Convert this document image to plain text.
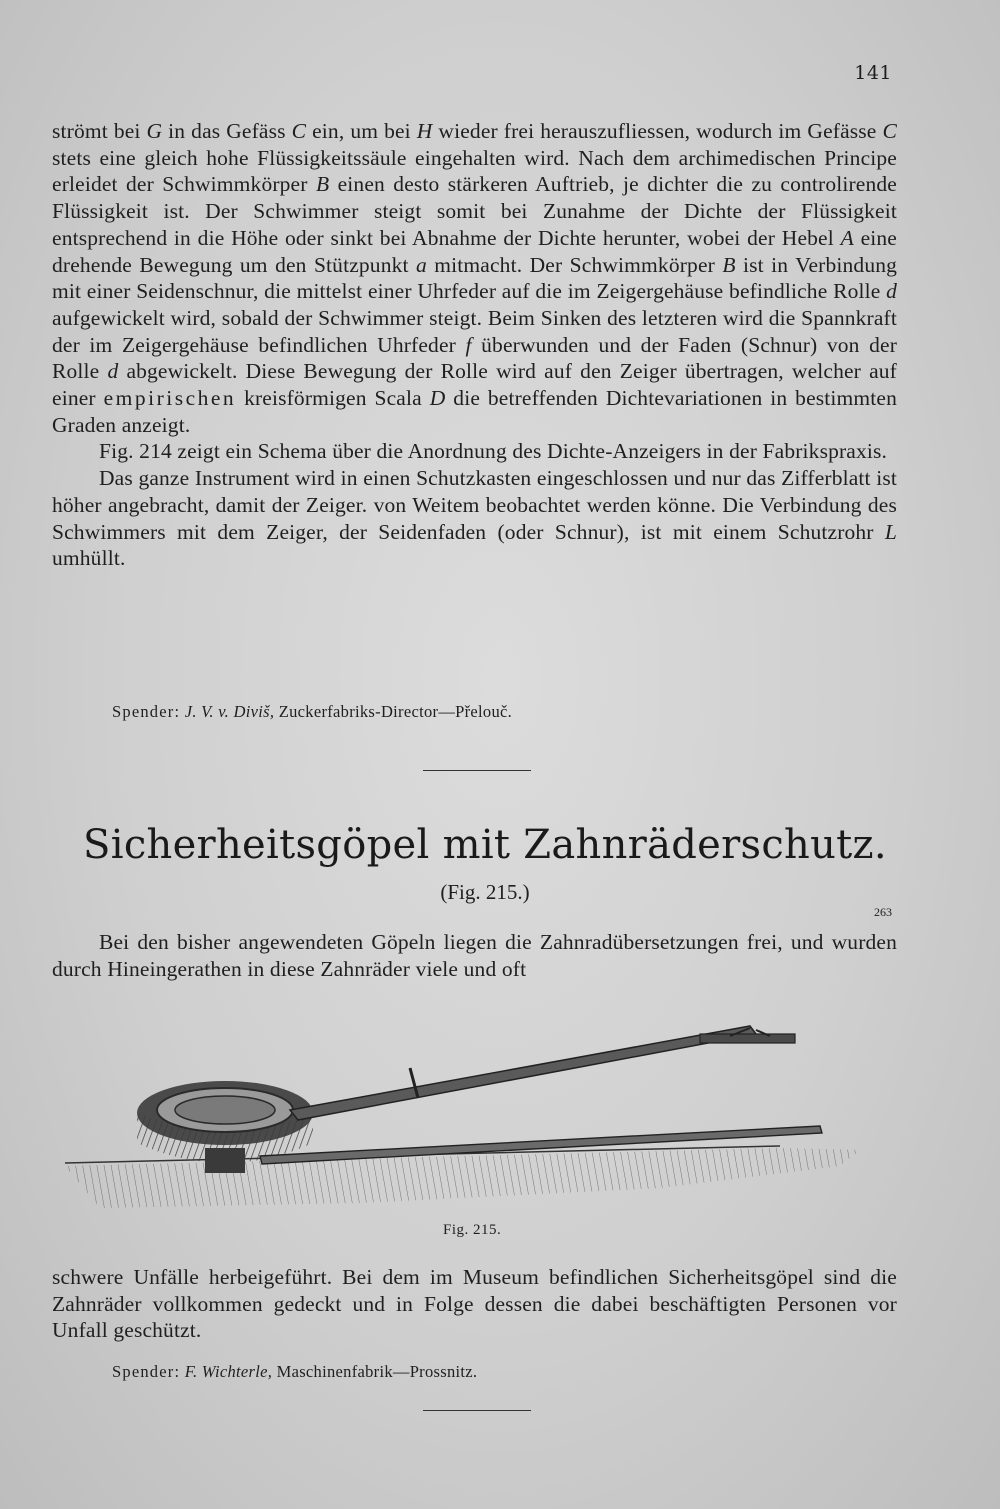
141

strömt bei G in das Gefäss C ein, um bei H wieder frei herauszufliessen, wodurch im Gefässe C stets eine gleich hohe Flüssigkeitssäule eingehalten wird. Nach dem archimedischen Principe erleidet der Schwimmkörper B einen desto stärkeren Auftrieb, je dichter die zu controlirende Flüssigkeit ist. Der Schwimmer steigt somit bei Zunahme der Dichte der Flüssigkeit entsprechend in die Höhe oder sinkt bei Abnahme der Dichte herunter, wobei der Hebel A eine drehende Bewegung um den Stützpunkt a mitmacht. Der Schwimmkörper B ist in Verbindung mit einer Seidenschnur, die mittelst einer Uhrfeder auf die im Zeigergehäuse befindliche Rolle d aufgewickelt wird, sobald der Schwimmer steigt. Beim Sinken des letzteren wird die Spannkraft der im Zeigergehäuse befindlichen Uhrfeder f überwunden und der Faden (Schnur) von der Rolle d abgewickelt. Diese Bewegung der Rolle wird auf den Zeiger übertragen, welcher auf einer empirischen kreisförmigen Scala D die betreffenden Dichtevariationen in bestimmten Graden anzeigt.

Fig. 214 zeigt ein Schema über die Anordnung des Dichte-Anzeigers in der Fabrikspraxis.

Das ganze Instrument wird in einen Schutzkasten eingeschlossen und nur das Zifferblatt ist höher angebracht, damit der Zeiger. von Weitem beobachtet werden könne. Die Verbindung des Schwimmers mit dem Zeiger, der Seidenfaden (oder Schnur), ist mit einem Schutzrohr L umhüllt.

Spender: J. V. v. Diviš, Zuckerfabriks-Director—Přelouč.
Sicherheitsgöpel mit Zahnräderschutz.
(Fig. 215.)
263

Bei den bisher angewendeten Göpeln liegen die Zahnradübersetzungen frei, und wurden durch Hineingerathen in diese Zahnräder viele und oft

Fig. 215.

schwere Unfälle herbeigeführt. Bei dem im Museum befindlichen Sicherheitsgöpel sind die Zahnräder vollkommen gedeckt und in Folge dessen die dabei beschäftigten Personen vor Unfall geschützt.

Spender: F. Wichterle, Maschinenfabrik—Prossnitz.
